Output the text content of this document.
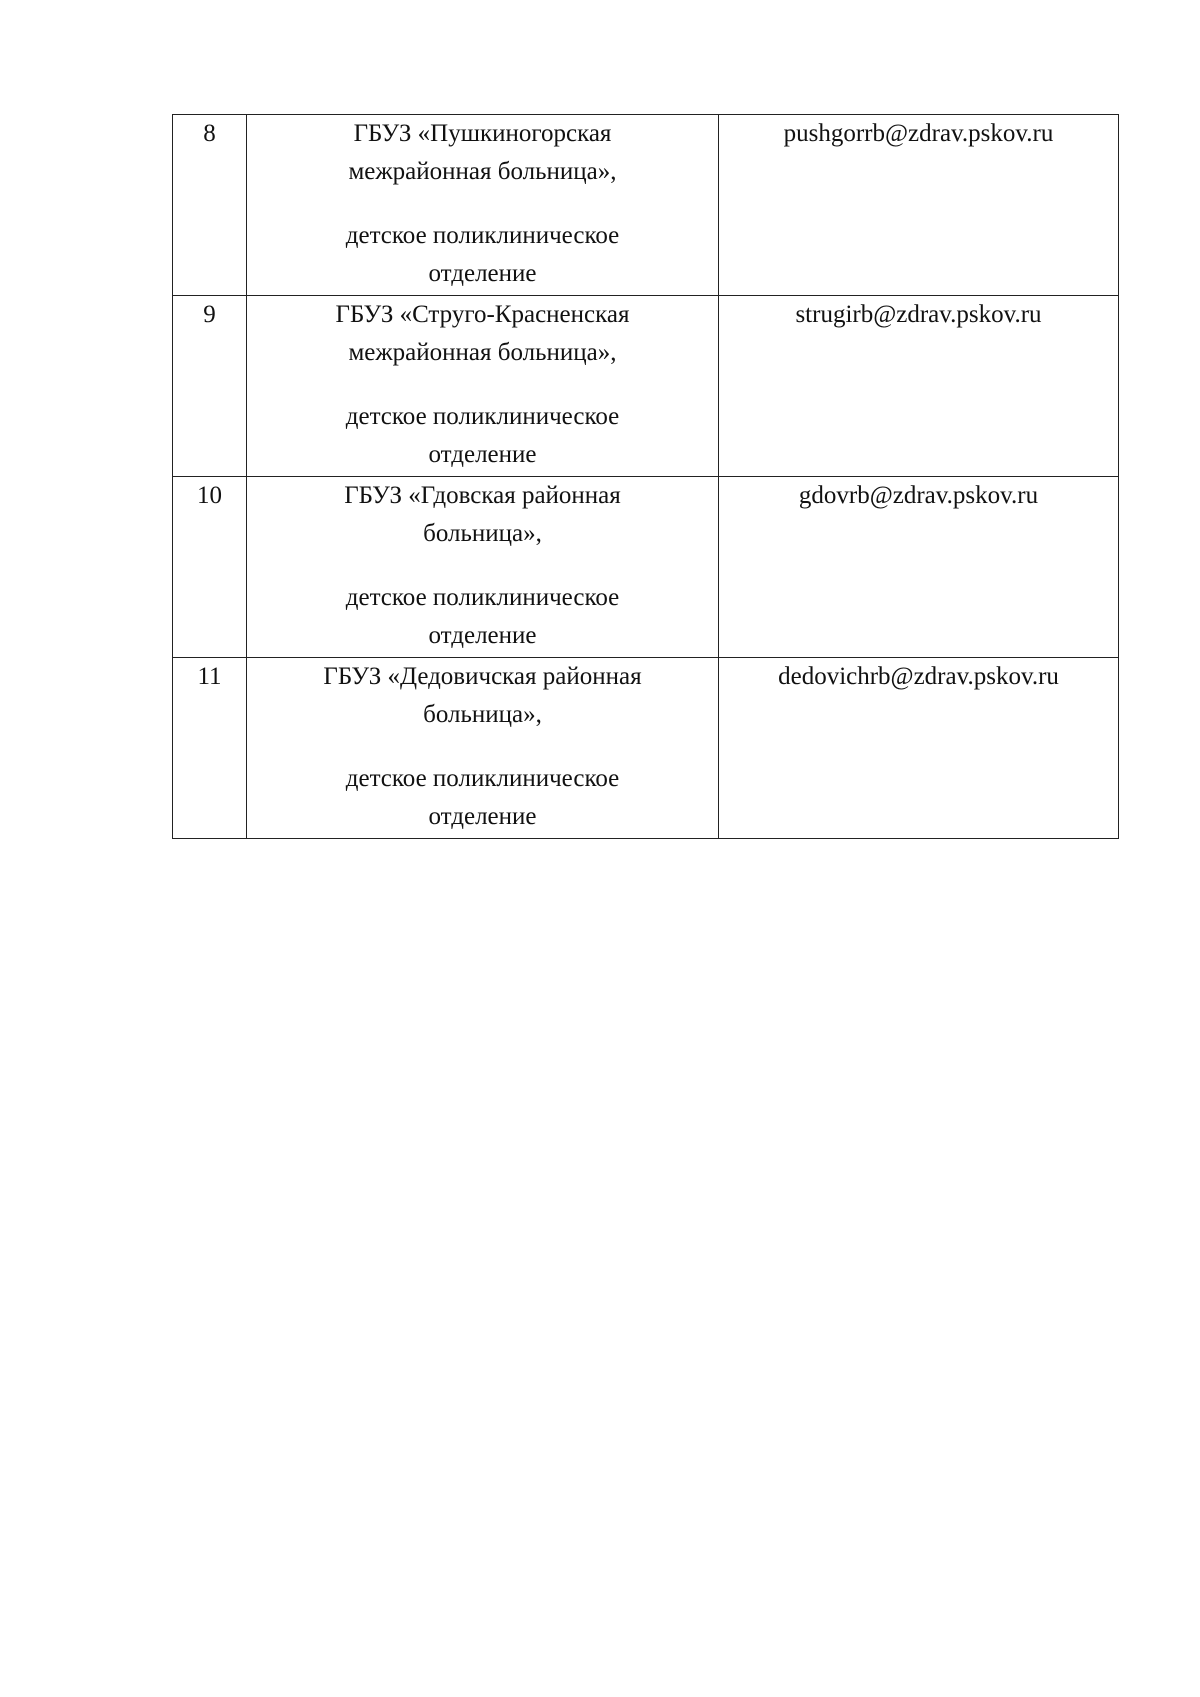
8	ГБУЗ «Пушкиногорская
межрайонная больница»,
детское поликлиническое
отделение	pushgorrb@zdrav.pskov.ru
9	ГБУЗ «Струго-Красненская
межрайонная больница»,
детское поликлиническое
отделение	strugirb@zdrav.pskov.ru
10	ГБУЗ «Гдовская районная
больница»,
детское поликлиническое
отделение	gdovrb@zdrav.pskov.ru
11	ГБУЗ «Дедовичская районная
больница»,
детское поликлиническое
отделение	dedovichrb@zdrav.pskov.ru
